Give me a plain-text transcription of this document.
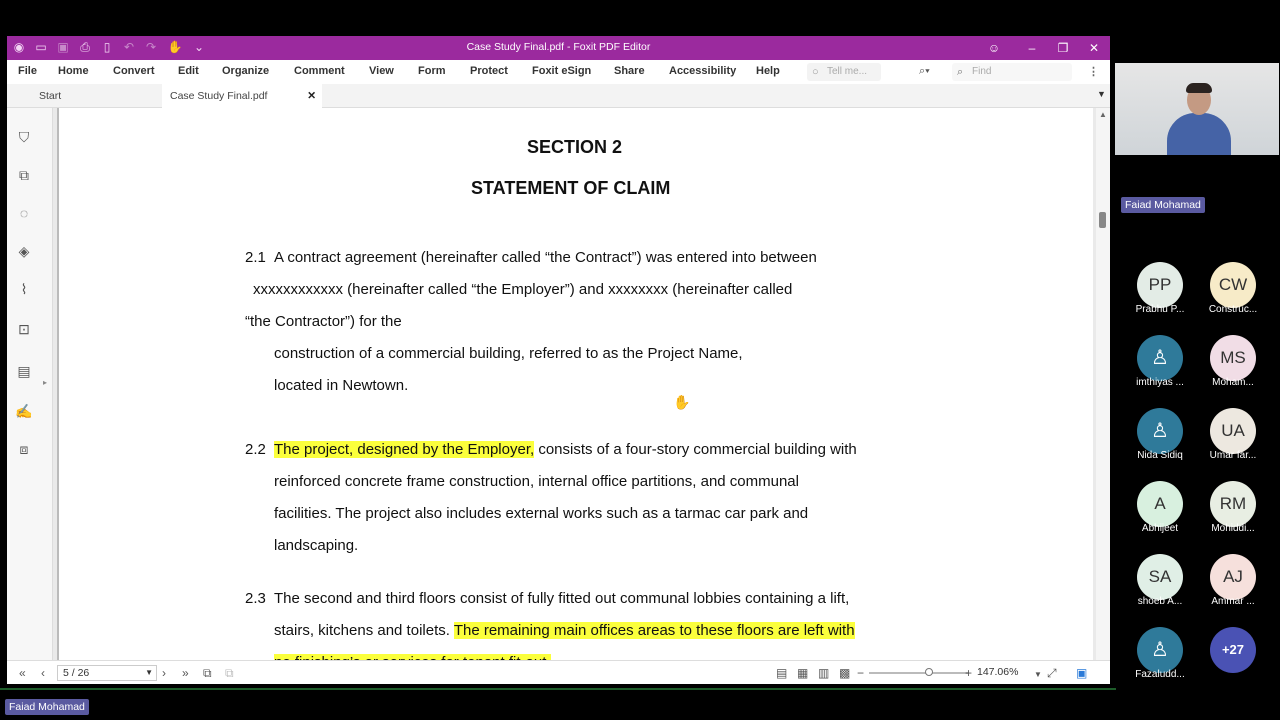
◉ ▭ ▣ ⎙	▯	↶ ↷ ✋ ⌄	Case Study Final.pdf - Foxit PDF Editor	☺	–	❐	✕
File Home Convert Edit Organize Comment View Form Protect Foxit eSign Share Accessibility Help	○ Tell me...	⌕▾ ⌕ Find	⋮
Start	Case Study Final.pdf	✕	▼
⛉
⧉
◌
◈
⌇
⊡
▤
✍
⧈
▸
SECTION 2
STATEMENT OF CLAIM
2.1 A contract agreement (hereinafter called “the Contract”) was entered into between
xxxxxxxxxxxx (hereinafter called “the Employer”) and xxxxxxxx (hereinafter called
“the Contractor”) for the
construction of a commercial building, referred to as the Project Name,
located in Newtown.
✋
2.2 The project, designed by the Employer, consists of a four-story commercial building with
reinforced concrete frame construction, internal office partitions, and communal
facilities. The project also includes external works such as a tarmac car park and
landscaping.
2.3 The second and third floors consist of fully fitted out communal lobbies containing a lift,
stairs, kitchens and toilets. The remaining main offices areas to these floors are left with
▲
« ‹	5 / 26	▼ › » ⧉ ⧉	▤ ▦ ▥ ▩ −	+ 147.06% ▼ ⤢ ▣
Faiad Mohamad
PP
Prabhu P...
CW
Construc...
♙
imthiyas ...
MS
Moham...
♙
Nida Sidiq
UA
Umar far...
A
Abhijeet
RM
Mohiddi...
SA
shoeb A...
AJ
Ammar ...
♙
Fazaludd...
+27
Faiad Mohamad
